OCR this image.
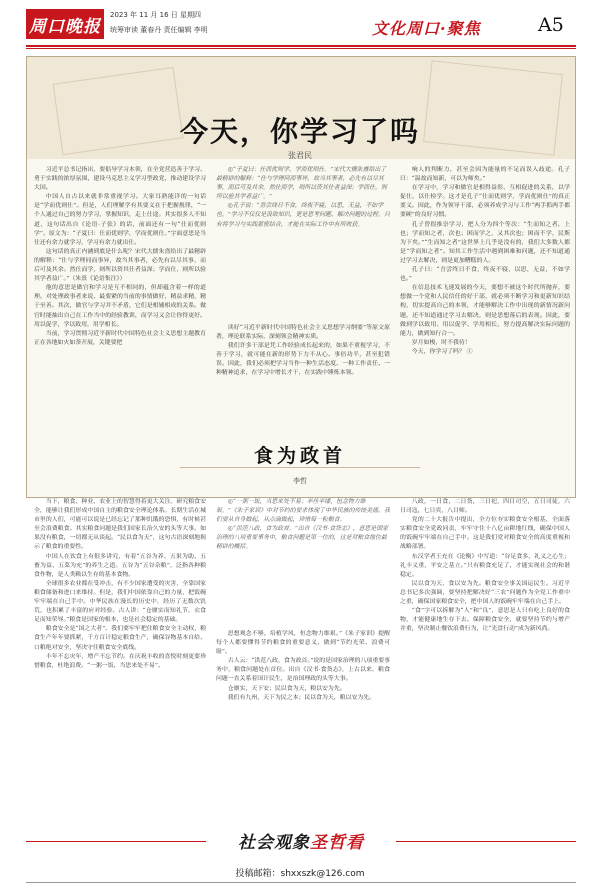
周口晚报
2023 年 11 月 16 日 星期四
统筹审读 董春丹 责任编辑 李明	文化周口·聚焦	A5
今天，你学习了吗
张君民

习近平总书记指出，要倡导学习本领，在全党营造善于学习、勇于实践的浓厚氛围，建设马克思主义学习型政党，推动建设学习大国。

中国人自古以来就非常重视学习。大家耳熟能详的一句话是“学而优则仕”。但是，人们理解学有其要义在于把握规律，“一个人通过自己的努力学习，掌握知识，走上仕途。其实很多人不知道，这句话出自《论语·子张》的话，前面还有一句“仕而优则学”。原文为：“子夏曰：仕而优则学，学而优则仕。”字面意思是当仕还有余力就学习，学习有余力就出仕。

这句话的真正内涵到底是什么呢？宋代大儒朱熹给出了最精辟的解释：“仕与学理同而事异，故当其事者，必先有以尽其事，而后可及其余。然仕而学，则所以资其仕者益深；学而仕，则所以验其学者益广。”（朱熹《论语集注》）

他的意思是做官和学习是互不相同的，但却蕴含着一样的道理。对处理政事者来说，最要紧的当前的事情做好，精益求精，精于至善。其次，做官与学习并不矛盾，它们是相辅相成的关系。做官时能抽出自己在工作当中的经验教训，而学习又会让你得更好。用以促学，学以致用，用学相长。

当前，学习贯彻习近平新时代中国特色社会主义思想主题教育正在各地如火如荼开展，关键要把

◎“子夏曰：仕而优则学，学而优则仕。”宋代大儒朱熹给出了最精辟的解释：“仕与学理同而事异，故当其事者，必先有以尽其事，而后可及其余。然仕而学，则所以资其仕者益深；学而仕，则所以验其学者益广。”

◎孔子说：“吾尝终日不食，终夜不寝，以思，无益，不如学也。”学习不仅仅是汲取知识，更是思考问题、解决问题的过程。只有将学习与实践紧密结合，才能在实际工作中有所收获。

读好“习近平新时代中国特色社会主义思想学习纲要”等原文原著，理论联系实际，深刻领会精神实质。

我们许多干部是凭工作经验成长起来的，如果不重视学习，不善于学习，就可能在新的形势下力不从心、事倍功半，甚至犯错误。因此，我们必须把学习当作一种生活态度、一种工作责任、一种精神追求，在学习中增长才干，在实践中锤炼本领。

响人的判断力，甚至会因为能量的不足而误入歧途。孔子曰：“温故而知新，可以为师矣。”

在学习中，学习和做官是相得益彰、互相促进的关系，以学促仕，以仕检学。这才是孔子“仕而优则学，学而优则仕”的真正要义。因此，作为领导干部，必须养成学习与工作“两手抓两手都要硬”的良好习惯。

孔子曾很推崇学习，把人分为四个等次：“生而知之者，上也；学而知之者，次也；困而学之，又其次也；困而不学，民斯为下矣。”“生而知之者”这世界上几乎是没有的，我们大多数人都是“学而知之者”。知其工作生活中遇到困难和问题，还不知道通过学习去解决，则是更加糟糕的人。

孔子曰：“吾尝终日不食，终夜不寝，以思，无益，不如学也。”

在信息技术飞速发展的今天，要想不被这个时代所抛弃，要想做一个党和人民信任的好干部，就必须不断学习和更新知识结构，切实提高自己的本领，才能够解决工作中出现的新情况新问题，还不知道通过学习去解决，则是思想落后的表现。因此，要做到学以致用、用以促学、学用相长，努力提高解决实际问题的能力，做到知行合一。

岁月如梭，时不我待！

今天，你学习了吗？ ①

食为政首
李哲

当下，粮食、种业、农业上的智慧得着更大关注。研究粮食安全，能够让我们形成中国自主的粮食安全理论体系。长期生活在城市里的人们，可能可以说是已经忘记了那种饥饿的恐惧，有时候甚至会浪费粮食。其实粮食问题是我们国家长治久安的头等大事。如果没有粮食，一切都无从谈起。“民以食为天”，这句古语深刻地揭示了粮食的重要性。

中国人在饮食上有很多讲究，有着“五谷为养、五果为助、五畜为益、五菜为充”的养生之道。五谷为“五谷杂粮”，泛指各种粮食作物，是人类赖以生存的基本食物。

全球很多农业都在受冲击，有不少国家遭受的灾害，全靠国家粮食储备和进口来维持。但是，我们中国依靠自己的力量，把饭碗牢牢端在自己手中。中华民族在漫长的历史中，经历了无数次饥荒，也积累了丰富的应对经验。古人讲：“仓廪实而知礼节，衣食足而知荣辱。”粮食是国家的根本，也是社会稳定的基础。

粮食安全是“国之大者”。我们要牢牢把住粮食安全主动权，粮食生产年年要抓紧，千方百计稳定粮食生产，确保谷物基本自给、口粮绝对安全，坚决守住粮食安全底线。

丰年不忘灾年，增产不忘节约。在庆祝丰收的喜悦时刻更要珍惜粮食，杜绝浪费。“一粥一饭，当思来处不易”。

◎“一粥一饭，当思来处不易；半丝半缕，恒念物力维艰。”《朱子家训》中对节约的要求体现了中华民族的传统美德，我们要从自身做起，从点滴做起，珍惜每一粒粮食。

◎“洪范八政，食为政首。”出自《汉书·食货志》，意思是国家治理的八项重要事务中，粮食问题是第一位的，这是对粮食地位最精辟的概括。

思想观念不够，培植学风，恒念物力维艰。”《朱子家训》提醒每个人都要懂得节约粮食的重要意义，做到“节约光荣、浪费可耻”。

古人云：“洪范八政，食为政首。”说的是国家治理的八项重要事务中，粮食问题处在首位。出自《汉书·食货志》，上古以来，粮食问题一直关系着国计民生，是治国理政的头等大事。

仓廪实，天下安；民以食为天，粮以安为先。

我们有九州，天下为民之本；民以食为天，粮以安为先。

八政，一日食，二日货，三日祀，四日司空，五日司徒，六日司寇，七日宾，八日师。

党的二十大报告中提出，全方位夯实粮食安全根基，全面落实粮食安全党政同责，牢牢守住十八亿亩耕地红线，确保中国人的饭碗牢牢端在自己手中。这是我们党对粮食安全的高度重视和战略部署。

东汉学者王充在《论衡》中写道：“谷足食多，礼义之心生；礼丰义重，平安之基立。”只有粮食充足了，才能实现社会的和谐稳定。

民以食为天，食以安为先。粮食安全事关国运民生。习近平总书记多次强调，要坚持把解决好“三农”问题作为全党工作重中之重，确保国家粮食安全，把中国人的饭碗牢牢端在自己手上。

“食”字可以拆解为“人”和“良”，意思是人只有吃上良好的食物，才能健康地生存下去。保障粮食安全，就要坚持节约与增产并重，坚决制止餐饮浪费行为，让“光盘行动”成为新风尚。

社会观象圣哲看
投稿邮箱：shxxszk@126.com
